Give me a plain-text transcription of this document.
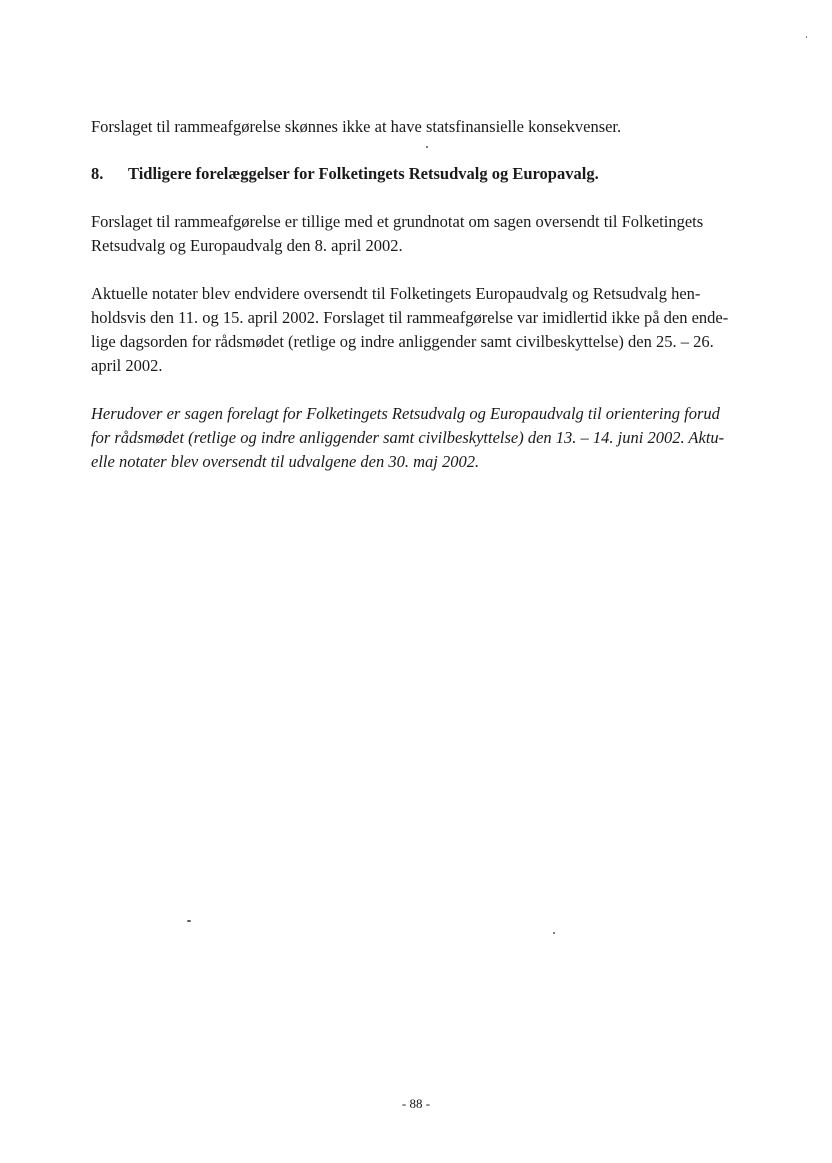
Forslaget til rammeafgørelse skønnes ikke at have statsfinansielle konsekvenser.
8. Tidligere forelæggelser for Folketingets Retsudvalg og Europavalg.
Forslaget til rammeafgørelse er tillige med et grundnotat om sagen oversendt til Folketingets
Retsudvalg og Europaudvalg den 8. april 2002.
Aktuelle notater blev endvidere oversendt til Folketingets Europaudvalg og Retsudvalg hen-
holdsvis den 11. og 15. april 2002. Forslaget til rammeafgørelse var imidlertid ikke på den ende-
lige dagsorden for rådsmødet (retlige og indre anliggender samt civilbeskyttelse) den 25. – 26.
april 2002.
Herudover er sagen forelagt for Folketingets Retsudvalg og Europaudvalg til orientering forud
for rådsmødet (retlige og indre anliggender samt civilbeskyttelse) den 13. – 14. juni 2002. Aktu-
elle notater blev oversendt til udvalgene den 30. maj 2002.
- 88 -
